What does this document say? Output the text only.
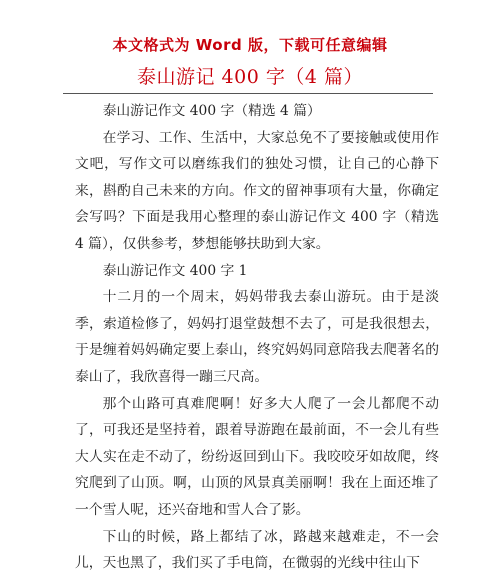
本文格式为 Word 版，下载可任意编辑
泰山游记 400 字（4 篇）

泰山游记作文 400 字（精选 4 篇）

在学习、工作、生活中，大家总免不了要接触或使用作文吧，写作文可以磨练我们的独处习惯，让自己的心静下来，斟酌自己未来的方向。作文的留神事项有大量，你确定会写吗？下面是我用心整理的泰山游记作文 400 字（精选 4 篇），仅供参考，梦想能够扶助到大家。

泰山游记作文 400 字 1

十二月的一个周末，妈妈带我去泰山游玩。由于是淡季，索道检修了，妈妈打退堂鼓想不去了，可是我很想去，于是缠着妈妈确定要上泰山，终究妈妈同意陪我去爬著名的泰山了，我欣喜得一蹦三尺高。

那个山路可真难爬啊！好多大人爬了一会儿都爬不动了，可我还是坚持着，跟着导游跑在最前面，不一会儿有些大人实在走不动了，纷纷返回到山下。我咬咬牙如故爬，终究爬到了山顶。啊，山顶的风景真美丽啊！我在上面还堆了一个雪人呢，还兴奋地和雪人合了影。

下山的时候，路上都结了冰，路越来越难走，不一会儿，天也黑了，我们买了手电筒，在微弱的光线中往山下
